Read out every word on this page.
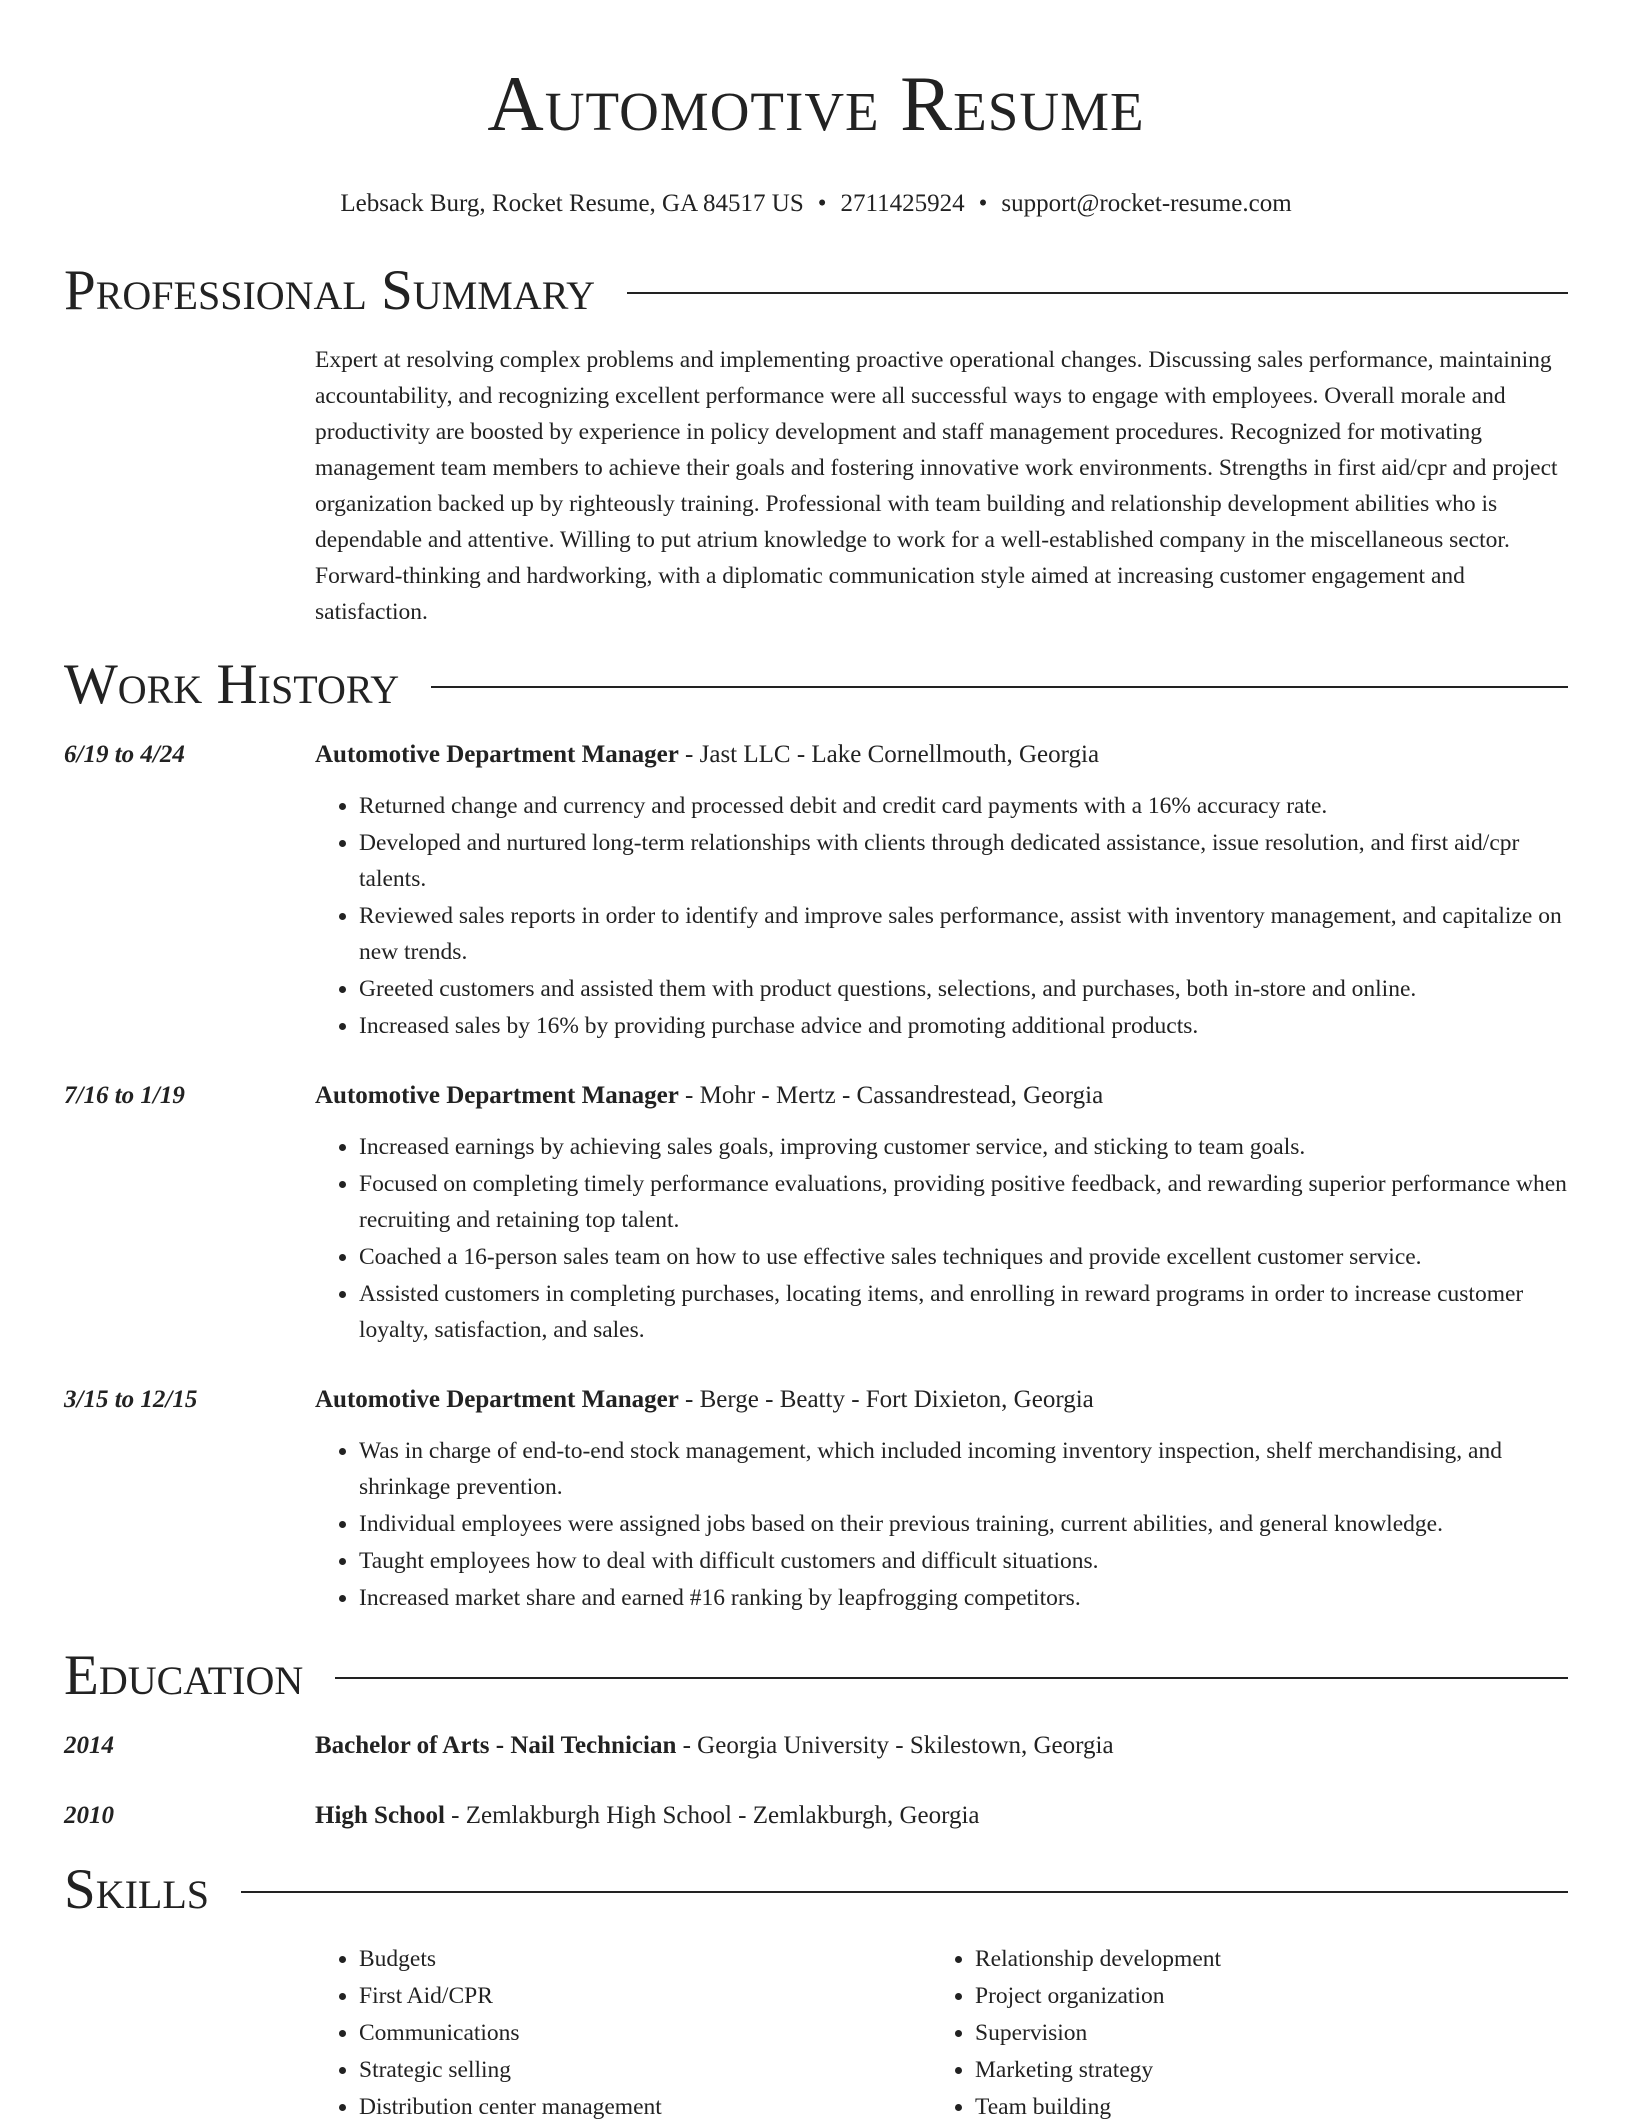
Automotive Resume
Lebsack Burg, Rocket Resume, GA 84517 US • 2711425924 • support@rocket-resume.com
Professional Summary
Expert at resolving complex problems and implementing proactive operational changes. Discussing sales performance, maintaining accountability, and recognizing excellent performance were all successful ways to engage with employees. Overall morale and productivity are boosted by experience in policy development and staff management procedures. Recognized for motivating management team members to achieve their goals and fostering innovative work environments. Strengths in first aid/cpr and project organization backed up by righteously training. Professional with team building and relationship development abilities who is dependable and attentive. Willing to put atrium knowledge to work for a well-established company in the miscellaneous sector. Forward-thinking and hardworking, with a diplomatic communication style aimed at increasing customer engagement and satisfaction.
Work History
6/19 to 4/24	Automotive Department Manager - Jast LLC - Lake Cornellmouth, Georgia
• Returned change and currency and processed debit and credit card payments with a 16% accuracy rate.
• Developed and nurtured long-term relationships with clients through dedicated assistance, issue resolution, and first aid/cpr talents.
• Reviewed sales reports in order to identify and improve sales performance, assist with inventory management, and capitalize on new trends.
• Greeted customers and assisted them with product questions, selections, and purchases, both in-store and online.
• Increased sales by 16% by providing purchase advice and promoting additional products.
7/16 to 1/19	Automotive Department Manager - Mohr - Mertz - Cassandrestead, Georgia
• Increased earnings by achieving sales goals, improving customer service, and sticking to team goals.
• Focused on completing timely performance evaluations, providing positive feedback, and rewarding superior performance when recruiting and retaining top talent.
• Coached a 16-person sales team on how to use effective sales techniques and provide excellent customer service.
• Assisted customers in completing purchases, locating items, and enrolling in reward programs in order to increase customer loyalty, satisfaction, and sales.
3/15 to 12/15	Automotive Department Manager - Berge - Beatty - Fort Dixieton, Georgia
• Was in charge of end-to-end stock management, which included incoming inventory inspection, shelf merchandising, and shrinkage prevention.
• Individual employees were assigned jobs based on their previous training, current abilities, and general knowledge.
• Taught employees how to deal with difficult customers and difficult situations.
• Increased market share and earned #16 ranking by leapfrogging competitors.
Education
2014	Bachelor of Arts - Nail Technician - Georgia University - Skilestown, Georgia
2010	High School - Zemlakburgh High School - Zemlakburgh, Georgia
Skills
• Budgets
• First Aid/CPR
• Communications
• Strategic selling
• Distribution center management
• Relationship development
• Project organization
• Supervision
• Marketing strategy
• Team building
